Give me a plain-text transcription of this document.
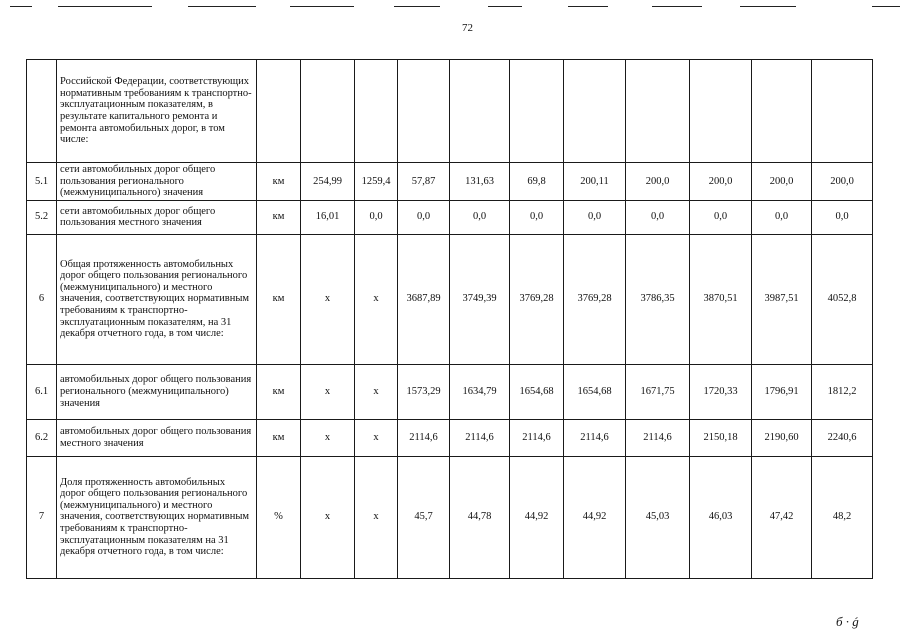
72
	Российской Федерации, соответствующих нормативным требованиям к транспортно-эксплуатационным показателям, в результате капитального ремонта и ремонта автомобильных дорог, в том числе:											
5.1	сети автомобильных дорог общего пользования регионального (межмуниципального) значения	км	254,99	1259,4	57,87	131,63	69,8	200,11	200,0	200,0	200,0	200,0
5.2	сети автомобильных дорог общего пользования местного значения	км	16,01	0,0	0,0	0,0	0,0	0,0	0,0	0,0	0,0	0,0
6	Общая протяженность автомобильных дорог общего пользования регионального (межмуниципального) и местного значения, соответствующих нормативным требованиям к транспортно-эксплуатационным показателям, на 31 декабря отчетного года, в том числе:	км	х	х	3687,89	3749,39	3769,28	3769,28	3786,35	3870,51	3987,51	4052,8
6.1	автомобильных дорог общего пользования регионального (межмуниципального) значения	км	х	х	1573,29	1634,79	1654,68	1654,68	1671,75	1720,33	1796,91	1812,2
6.2	автомобильных дорог общего пользования местного значения	км	х	х	2114,6	2114,6	2114,6	2114,6	2114,6	2150,18	2190,60	2240,6
7	Доля протяженность автомобильных дорог общего пользования регионального (межмуниципального) и местного значения, соответствующих нормативным требованиям к транспортно-эксплуатационным показателям на 31 декабря отчетного года, в том числе:	%	х	х	45,7	44,78	44,92	44,92	45,03	46,03	47,42	48,2
б · ǵ
